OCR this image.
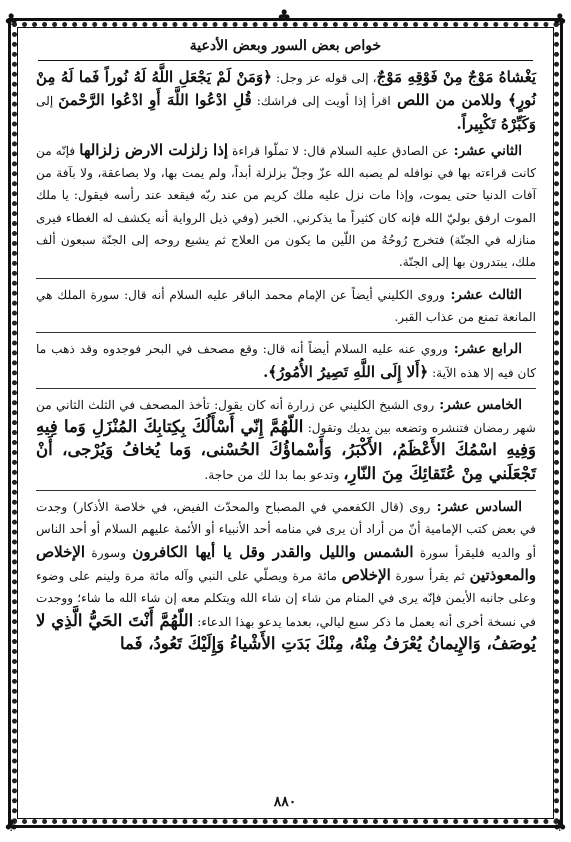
♣
♣	♣
♣	♣
خواص بعض السور وبعض الأدعية

يَغْشاهُ مَوْجٌ مِنْ فَوْقِهِ مَوْجٌ، إلى قوله عز وجل: ﴿وَمَنْ لَمْ يَجْعَلِ اللَّهُ لَهُ نُوراً فَما لَهُ مِنْ نُورٍ﴾ وللامن من اللص اقرأ إذا أويت إلى فراشك: قُلِ ادْعُوا اللَّهَ أَوِ ادْعُوا الرَّحْمنَ إلى وَكَبِّرْهُ تَكْبِيراً.

الثاني عشر: عن الصادق عليه السلام قال: لا تملّوا قراءة إذا زلزلت الارض زلزالها فإنّه من كانت قراءته بها في نوافله لم يصبه الله عزّ وجلّ بزلزلة أبداً، ولم يمت بها، ولا بصاعقة، ولا بآفة من آفات الدنيا حتى يموت، وإذا مات نزل عليه ملك كريم من عند ربّه فيقعد عند رأسه فيقول: يا ملك الموت ارفق بوليّ الله فإنه كان كثيراً ما يذكرني. الخبر (وفي ذيل الرواية أنه يكشف له الغطاء فيرى منازله في الجنّة) فتخرج رُوحُهُ من اللّين ما يكون من العلاج ثم يشيع روحه إلى الجنّة سبعون ألف ملك، يبتدرون بها إلى الجنّة.

الثالث عشر: وروى الكليني أيضاً عن الإمام محمد الباقر عليه السلام أنه قال: سورة الملك هي المانعة تمنع من عذاب القبر.

الرابع عشر: وروي عنه عليه السلام أيضاً أنه قال: وقع مصحف في البحر فوجدوه وقد ذهب ما كان فيه إلا هذه الآية: ﴿أَلا إِلَى اللَّهِ تَصِيرُ الأُمُورُ﴾.

الخامس عشر: روى الشيخ الكليني عن زرارة أنه كان يقول: تأخذ المصحف في الثلث الثاني من شهر رمضان فتنشره وتضعه بين يديك وتقول: اللّهُمَّ إِنّي أَسْأَلُكَ بِكِتابِكَ المُنْزَلِ وَما فِيهِ وَفِيهِ اسْمُكَ الأَعْظَمُ، الأَكْبَرُ، وَأَسْماؤُكَ الحُسْنى، وَما يُخافُ وَيُرْجى، أَنْ تَجْعَلَني مِنْ عُتَقائِكَ مِنَ النّارِ، وتدعو بما بدا لك من حاجة.

السادس عشر: روى (قال الكفعمي في المصباح والمحدّث الفيض، في خلاصة الأذكار) وجدت في بعض كتب الإمامية أنّ من أراد أن يرى في منامه أحد الأنبياء أو الأئمة عليهم السلام أو أحد الناس أو والديه فليقرأ سورة الشمس والليل والقدر وقل يا أيها الكافرون وسورة الإخلاص والمعوذتين ثم يقرأ سورة الإخلاص مائة مرة ويصلّي على النبي وآله مائة مرة ولينم على وضوء وعلى جانبه الأيمن فإنّه يرى في المنام من شاء إن شاء الله ويتكلم معه إن شاء الله ما شاء؛ ووجدت في نسخة أخرى أنه يعمل ما ذكر سبع ليالي، بعدما يدعو بهذا الدعاء: اللّهُمَّ أَنْتَ الحَيُّ الَّذِي لا يُوصَفُ، وَالإِيمانُ يُعْرَفُ مِنْهُ، مِنْكَ بَدَتِ الأَشْياءُ وَإِلَيْكَ تَعُودُ، فَما

٨٨٠
